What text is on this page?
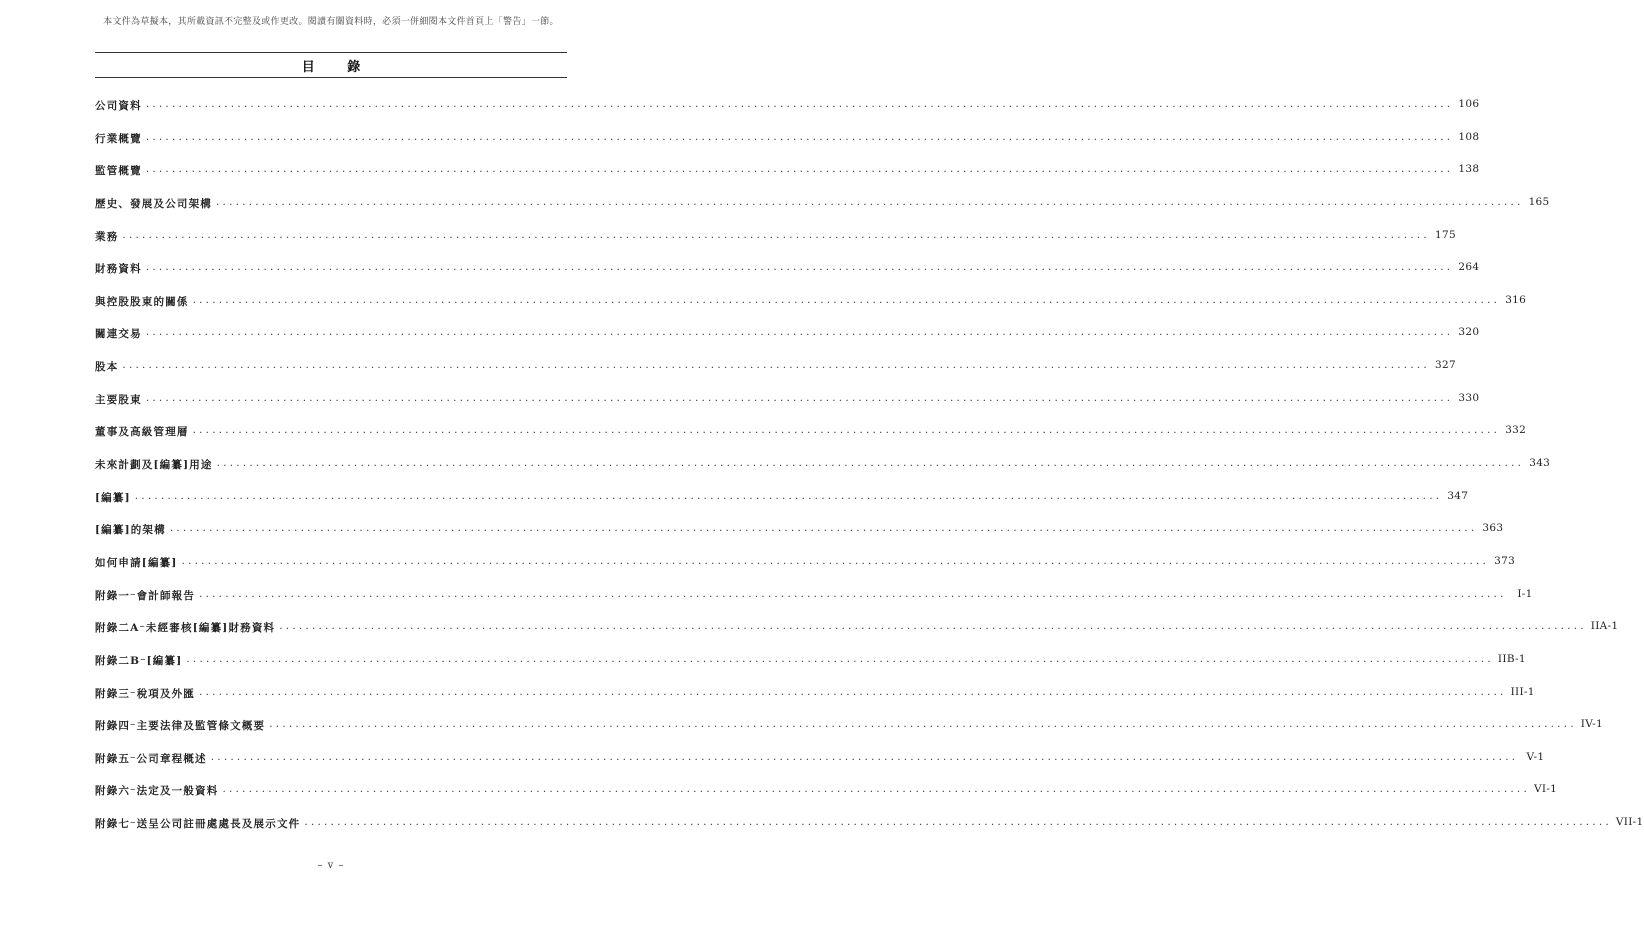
本文件為草擬本，其所載資訊不完整及或作更改。閱讀有關資料時，必須一併細閱本文件首頁上「警告」一節。
目 錄
公司資料 ........................................................................................................................................................................................................ 106
行業概覽 ........................................................................................................................................................................................................ 108
監管概覽 ........................................................................................................................................................................................................ 138
歷史、發展及公司架構 ........................................................................................................................................................................................................ 165
業務 ........................................................................................................................................................................................................ 175
財務資料 ........................................................................................................................................................................................................ 264
與控股股東的關係 ........................................................................................................................................................................................................ 316
關連交易 ........................................................................................................................................................................................................ 320
股本 ........................................................................................................................................................................................................ 327
主要股東 ........................................................................................................................................................................................................ 330
董事及高級管理層 ........................................................................................................................................................................................................ 332
未來計劃及[編纂]用途 ........................................................................................................................................................................................................ 343
[編纂] ........................................................................................................................................................................................................ 347
[編纂]的架構 ........................................................................................................................................................................................................ 363
如何申請[編纂] ........................................................................................................................................................................................................ 373
附錄一 – 會計師報告 ........................................................................................................................................................................................................	I-1
附錄二A – 未經審核[編纂]財務資料 ........................................................................................................................................................................................................ IIA-1
附錄二B – [編纂] ........................................................................................................................................................................................................ IIB-1
附錄三 – 稅項及外匯 ........................................................................................................................................................................................................ III-1
附錄四 – 主要法律及監管條文概要 ........................................................................................................................................................................................................ IV-1
附錄五 – 公司章程概述 ........................................................................................................................................................................................................ V-1
附錄六 – 法定及一般資料 ........................................................................................................................................................................................................ VI-1
附錄七 – 送呈公司註冊處處長及展示文件 ........................................................................................................................................................................................................ VII-1
– v –
